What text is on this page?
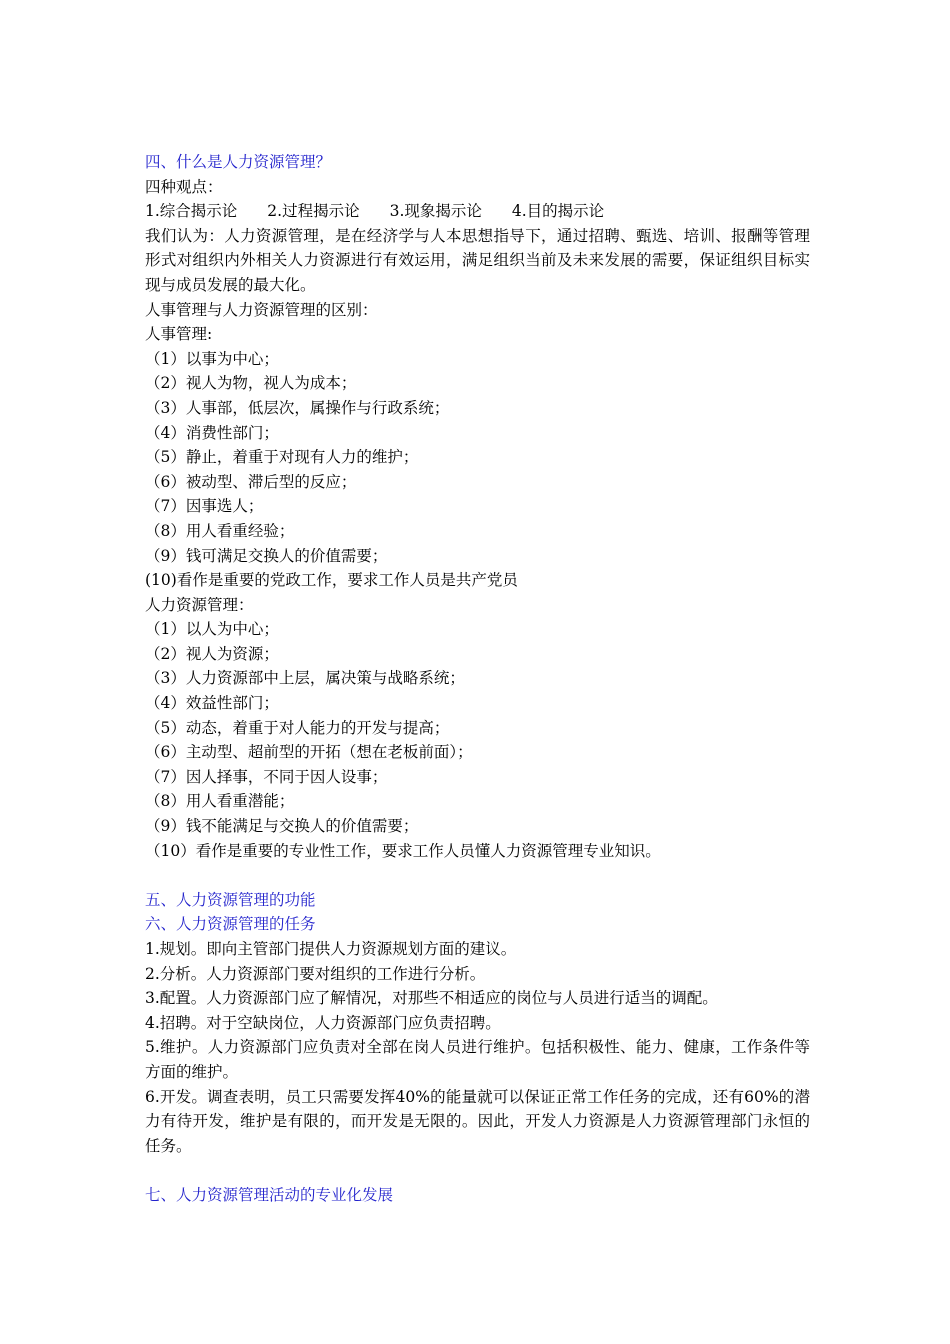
四、什么是人力资源管理？

四种观点：

1.综合揭示论 2.过程揭示论 3.现象揭示论 4.目的揭示论

我们认为：人力资源管理，是在经济学与人本思想指导下，通过招聘、甄选、培训、报酬等管理形式对组织内外相关人力资源进行有效运用，满足组织当前及未来发展的需要，保证组织目标实现与成员发展的最大化。

人事管理与人力资源管理的区别：

人事管理:

（1）以事为中心；

（2）视人为物，视人为成本；

（3）人事部，低层次，属操作与行政系统；

（4）消费性部门；

（5）静止，着重于对现有人力的维护；

（6）被动型、滞后型的反应；

（7）因事选人；

（8）用人看重经验；

（9）钱可满足交换人的价值需要；

(10)看作是重要的党政工作，要求工作人员是共产党员

人力资源管理：

（1）以人为中心；

（2）视人为资源；

（3）人力资源部中上层，属决策与战略系统；

（4）效益性部门；

（5）动态，着重于对人能力的开发与提高；

（6）主动型、超前型的开拓（想在老板前面）；

（7）因人择事，不同于因人设事；

（8）用人看重潜能；

（9）钱不能满足与交换人的价值需要；

（10）看作是重要的专业性工作，要求工作人员懂人力资源管理专业知识。

五、人力资源管理的功能

六、人力资源管理的任务

1.规划。即向主管部门提供人力资源规划方面的建议。

2.分析。人力资源部门要对组织的工作进行分析。

3.配置。人力资源部门应了解情况，对那些不相适应的岗位与人员进行适当的调配。

4.招聘。对于空缺岗位，人力资源部门应负责招聘。

5.维护。人力资源部门应负责对全部在岗人员进行维护。包括积极性、能力、健康，工作条件等方面的维护。

6.开发。调查表明，员工只需要发挥40%的能量就可以保证正常工作任务的完成，还有60%的潜力有待开发，维护是有限的，而开发是无限的。因此，开发人力资源是人力资源管理部门永恒的任务。

七、人力资源管理活动的专业化发展
